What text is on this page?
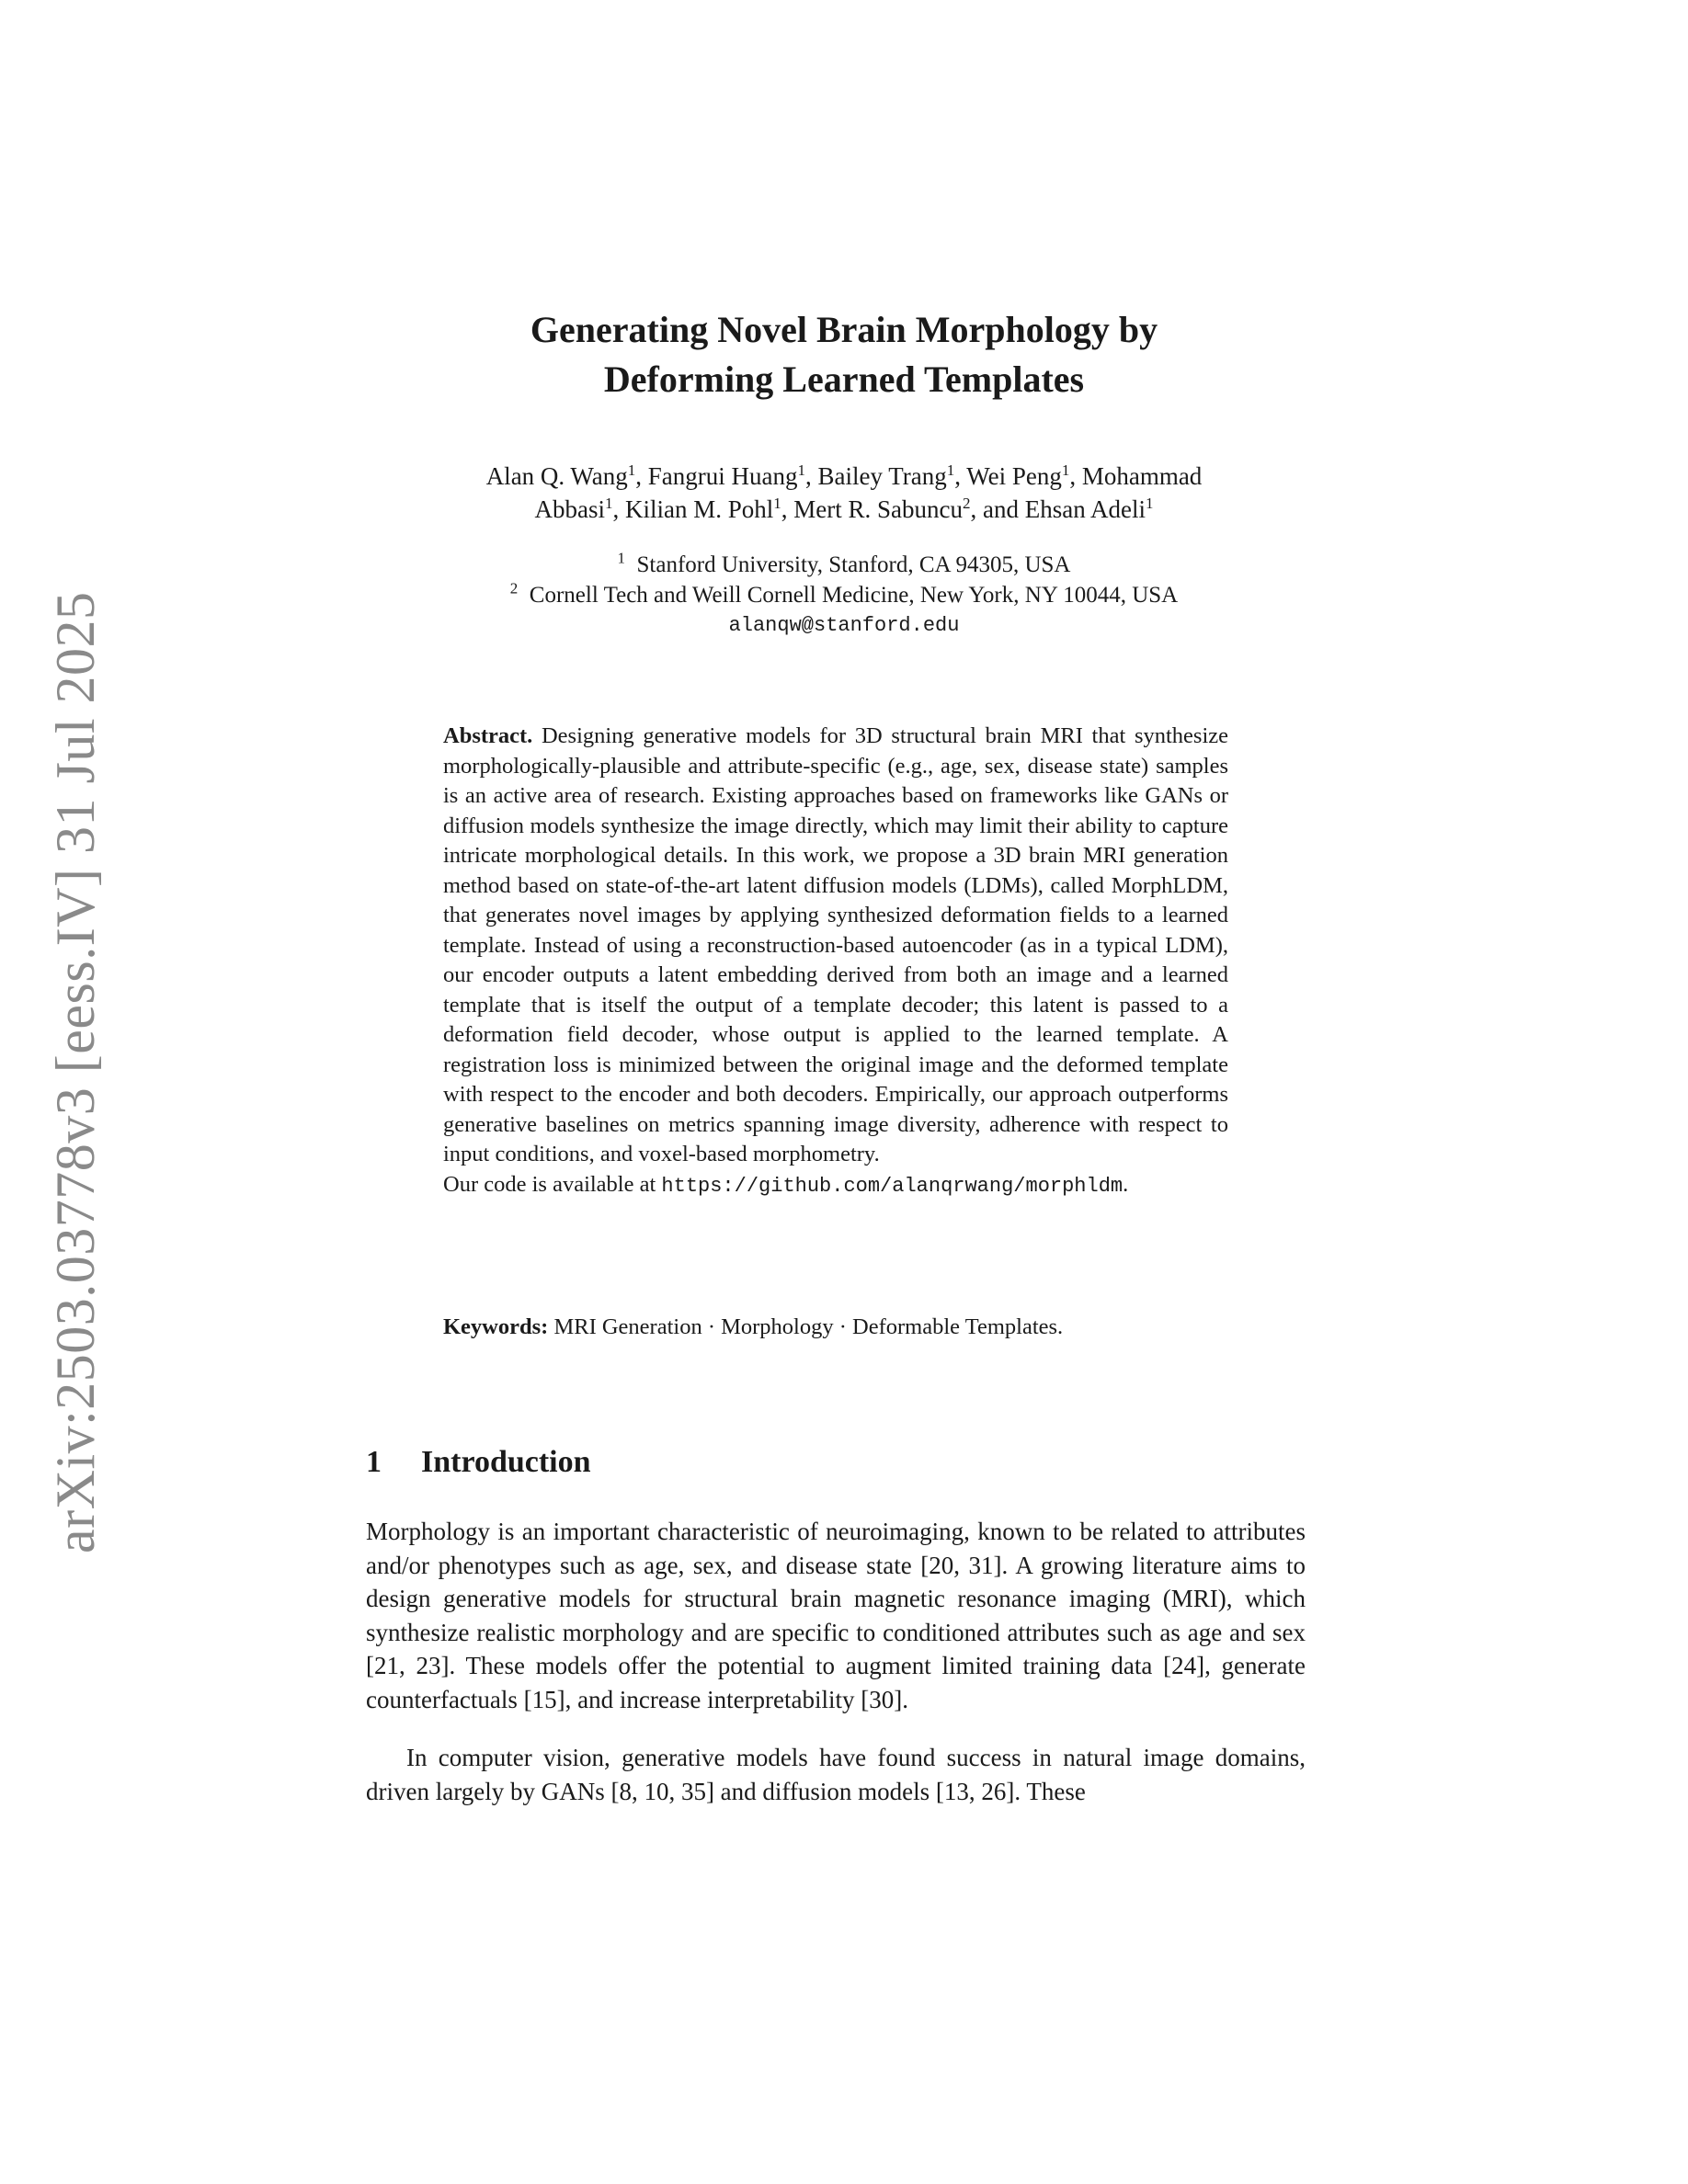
arXiv:2503.03778v3 [eess.IV] 31 Jul 2025
Generating Novel Brain Morphology by
Deforming Learned Templates
Alan Q. Wang$^1$, Fangrui Huang$^1$, Bailey Trang$^1$, Wei Peng$^1$, Mohammad
Abbasi$^1$, Kilian M. Pohl$^1$, Mert R. Sabuncu$^2$, and Ehsan Adeli$^1$
$^1$ Stanford University, Stanford, CA 94305, USA
$^2$ Cornell Tech and Weill Cornell Medicine, New York, NY 10044, USA
alanqw@stanford.edu

Abstract. Designing generative models for 3D structural brain MRI that synthesize morphologically-plausible and attribute-specific (e.g., age, sex, disease state) samples is an active area of research. Existing approaches based on frameworks like GANs or diffusion models synthesize the image directly, which may limit their ability to capture intricate morphological details. In this work, we propose a 3D brain MRI generation method based on state-of-the-art latent diffusion models (LDMs), called MorphLDM, that generates novel images by applying synthesized deformation fields to a learned template. Instead of using a reconstruction-based autoencoder (as in a typical LDM), our encoder outputs a latent embedding derived from both an image and a learned template that is itself the output of a template decoder; this latent is passed to a deformation field decoder, whose output is applied to the learned template. A registration loss is minimized between the original image and the deformed template with respect to the encoder and both decoders. Empirically, our approach outperforms generative baselines on metrics spanning image diversity, adherence with respect to input conditions, and voxel-based morphometry.

Our code is available at https://github.com/alanqrwang/morphldm.

Keywords: MRI Generation · Morphology · Deformable Templates.
1 Introduction

Morphology is an important characteristic of neuroimaging, known to be related to attributes and/or phenotypes such as age, sex, and disease state [20, 31]. A growing literature aims to design generative models for structural brain magnetic resonance imaging (MRI), which synthesize realistic morphology and are specific to conditioned attributes such as age and sex [21, 23]. These models offer the potential to augment limited training data [24], generate counterfactuals [15], and increase interpretability [30].

In computer vision, generative models have found success in natural image domains, driven largely by GANs [8, 10, 35] and diffusion models [13, 26]. These
